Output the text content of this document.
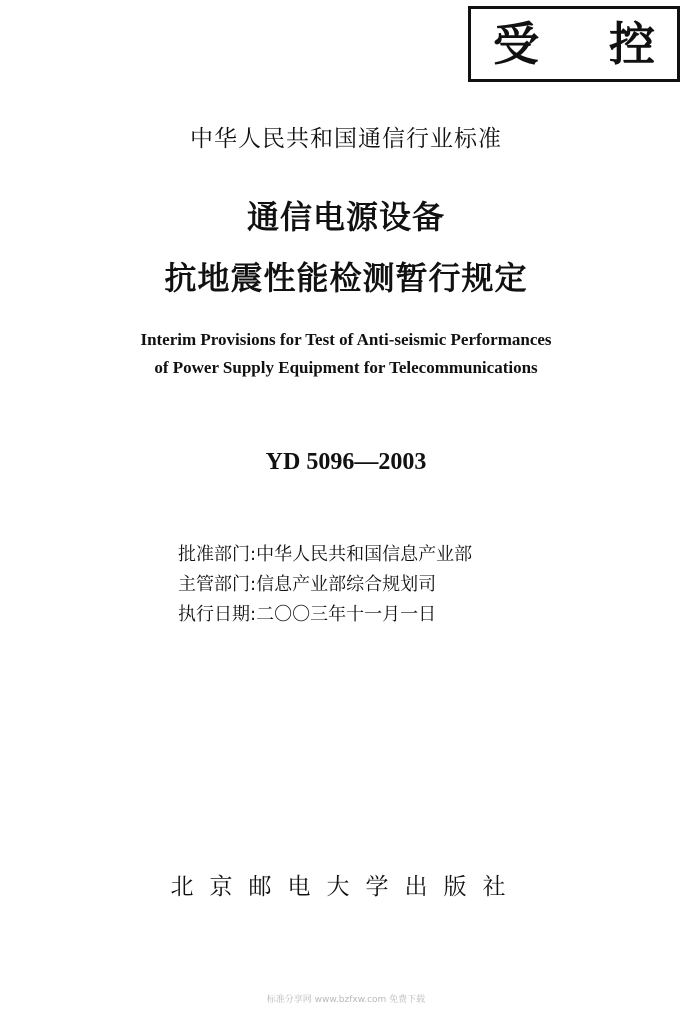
受 控
中华人民共和国通信行业标准
通信电源设备
抗地震性能检测暂行规定
Interim Provisions for Test of Anti-seismic Performances
of Power Supply Equipment for Telecommunications
YD 5096—2003
批准部门:中华人民共和国信息产业部
主管部门:信息产业部综合规划司
执行日期:二〇〇三年十一月一日
北京邮电大学出版社
标准分享网 www.bzfxw.com 免费下载
